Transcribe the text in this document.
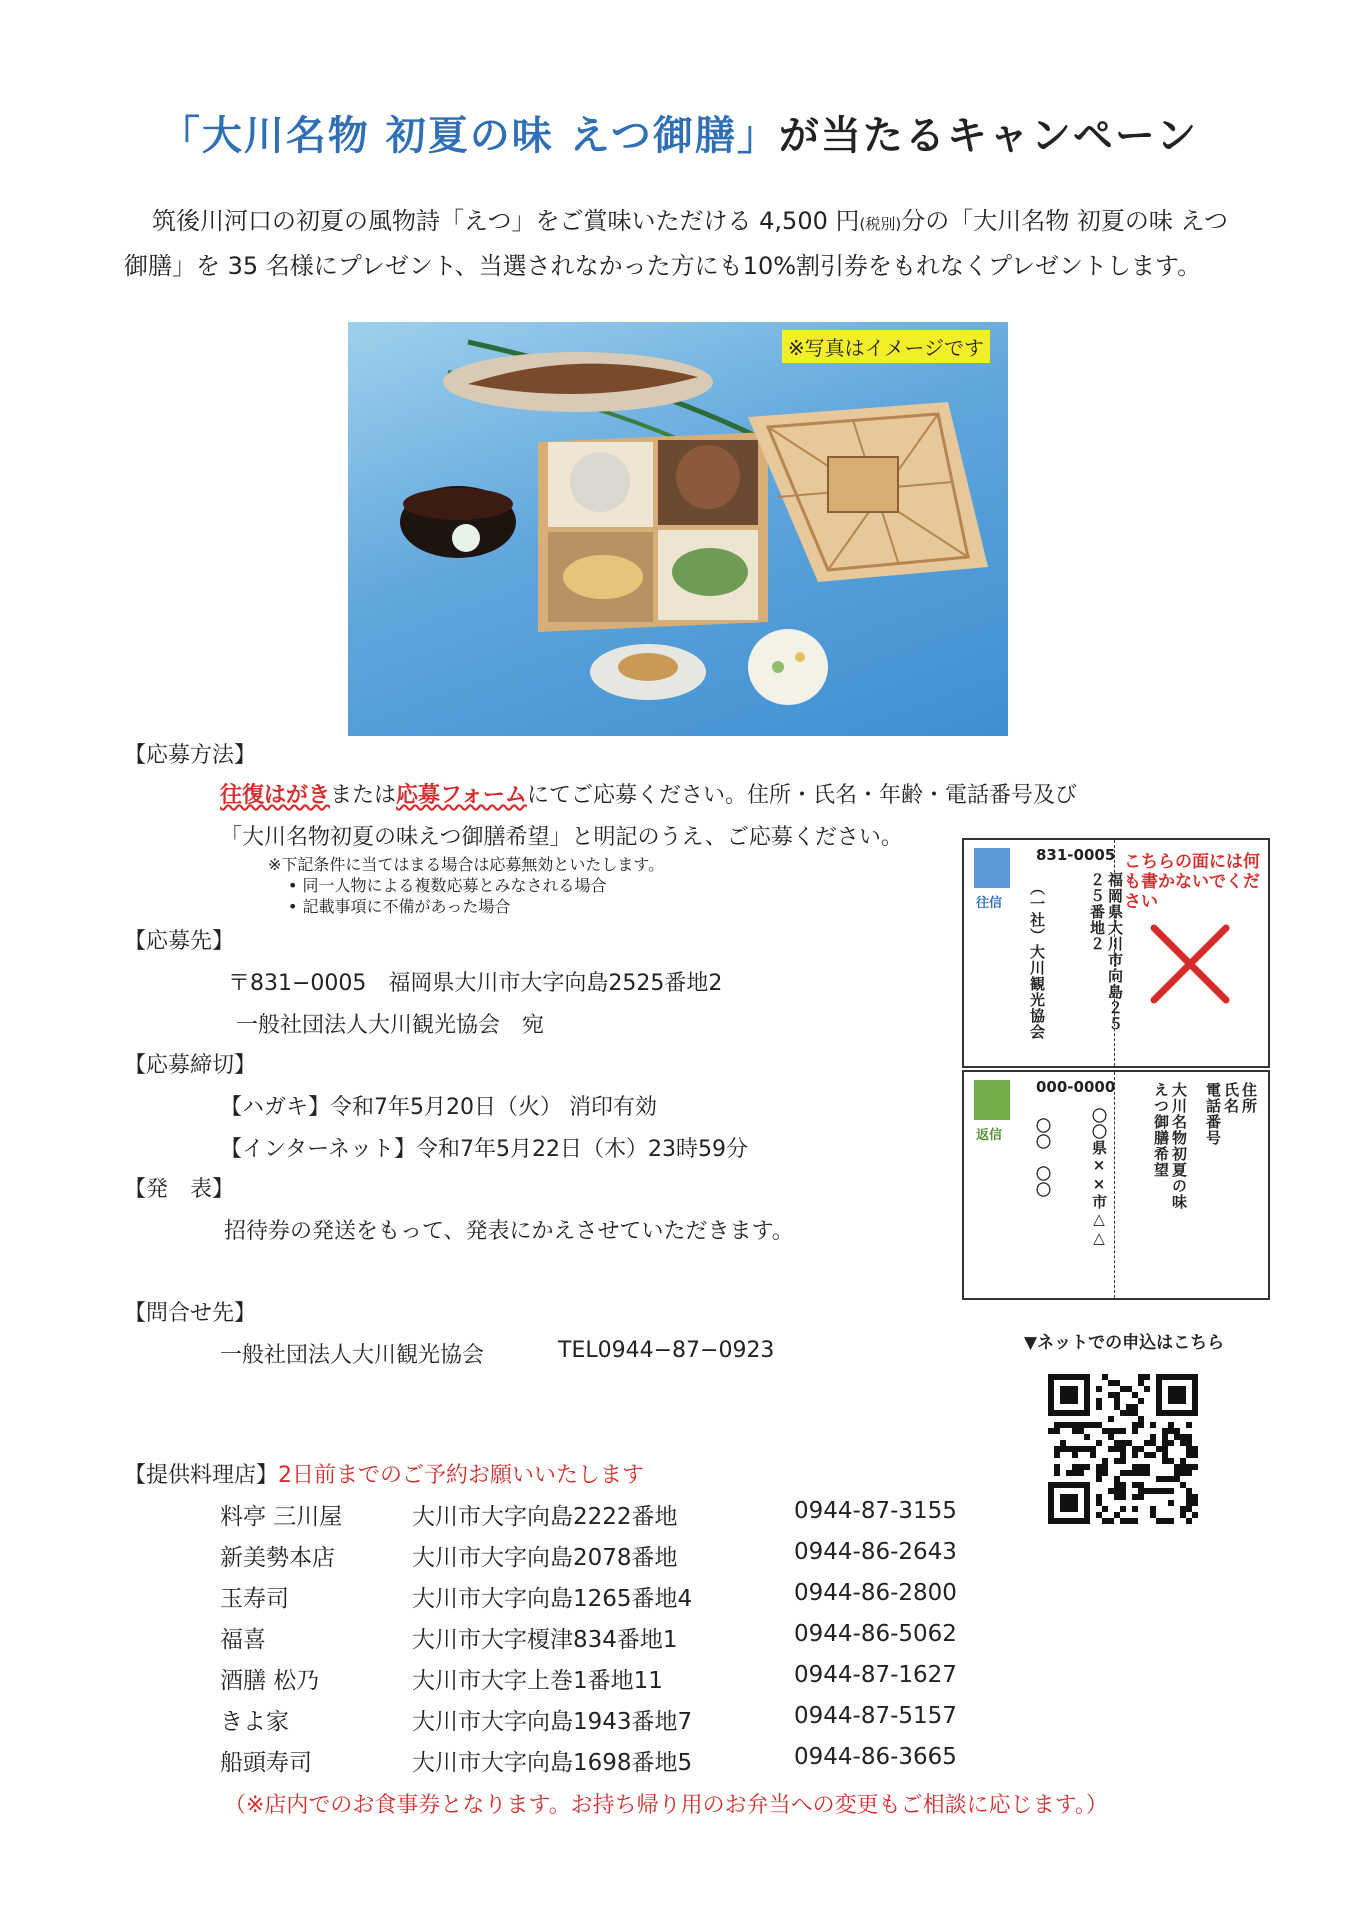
「大川名物 初夏の味 えつ御膳」が当たるキャンペーン
筑後川河口の初夏の風物詩「えつ」をご賞味いただける 4,500 円(税別)分の「大川名物 初夏の味 えつ御膳」を 35 名様にプレゼント、当選されなかった方にも10%割引券をもれなくプレゼントします。
※写真はイメージです
【応募方法】
往復はがきまたは応募フォームにてご応募ください。住所・氏名・年齢・電話番号及び
「大川名物初夏の味えつ御膳希望」と明記のうえ、ご応募ください。
※下記条件に当てはまる場合は応募無効といたします。
• 同一人物による複数応募とみなされる場合
• 記載事項に不備があった場合
【応募先】
〒831−0005　福岡県大川市大字向島2525番地2
一般社団法人大川観光協会　宛
【応募締切】
【ハガキ】令和7年5月20日（火） 消印有効
【インターネット】令和7年5月22日（木）23時59分
【発　表】
招待券の発送をもって、発表にかえさせていただきます。
【問合せ先】
一般社団法人大川観光協会	TEL0944−87−0923
往信
831-0005
福岡県大川市向島２５２５番地２
（一社）大川観光協会
こちらの面には何も書かないでください
返信
000-0000
〇〇県××市△△
〇〇　〇〇
住所
氏名
電話番号
大川名物初夏の味
えつ御膳希望
▼ネットでの申込はこちら
【提供料理店】2日前までのご予約お願いいたします
料亭 三川屋	大川市大字向島2222番地	0944-87-3155
新美勢本店	大川市大字向島2078番地	0944-86-2643
玉寿司	大川市大字向島1265番地4	0944-86-2800
福喜	大川市大字榎津834番地1	0944-86-5062
酒膳 松乃	大川市大字上巻1番地11	0944-87-1627
きよ家	大川市大字向島1943番地7	0944-87-5157
船頭寿司	大川市大字向島1698番地5	0944-86-3665
（※店内でのお食事券となります。お持ち帰り用のお弁当への変更もご相談に応じます。）
